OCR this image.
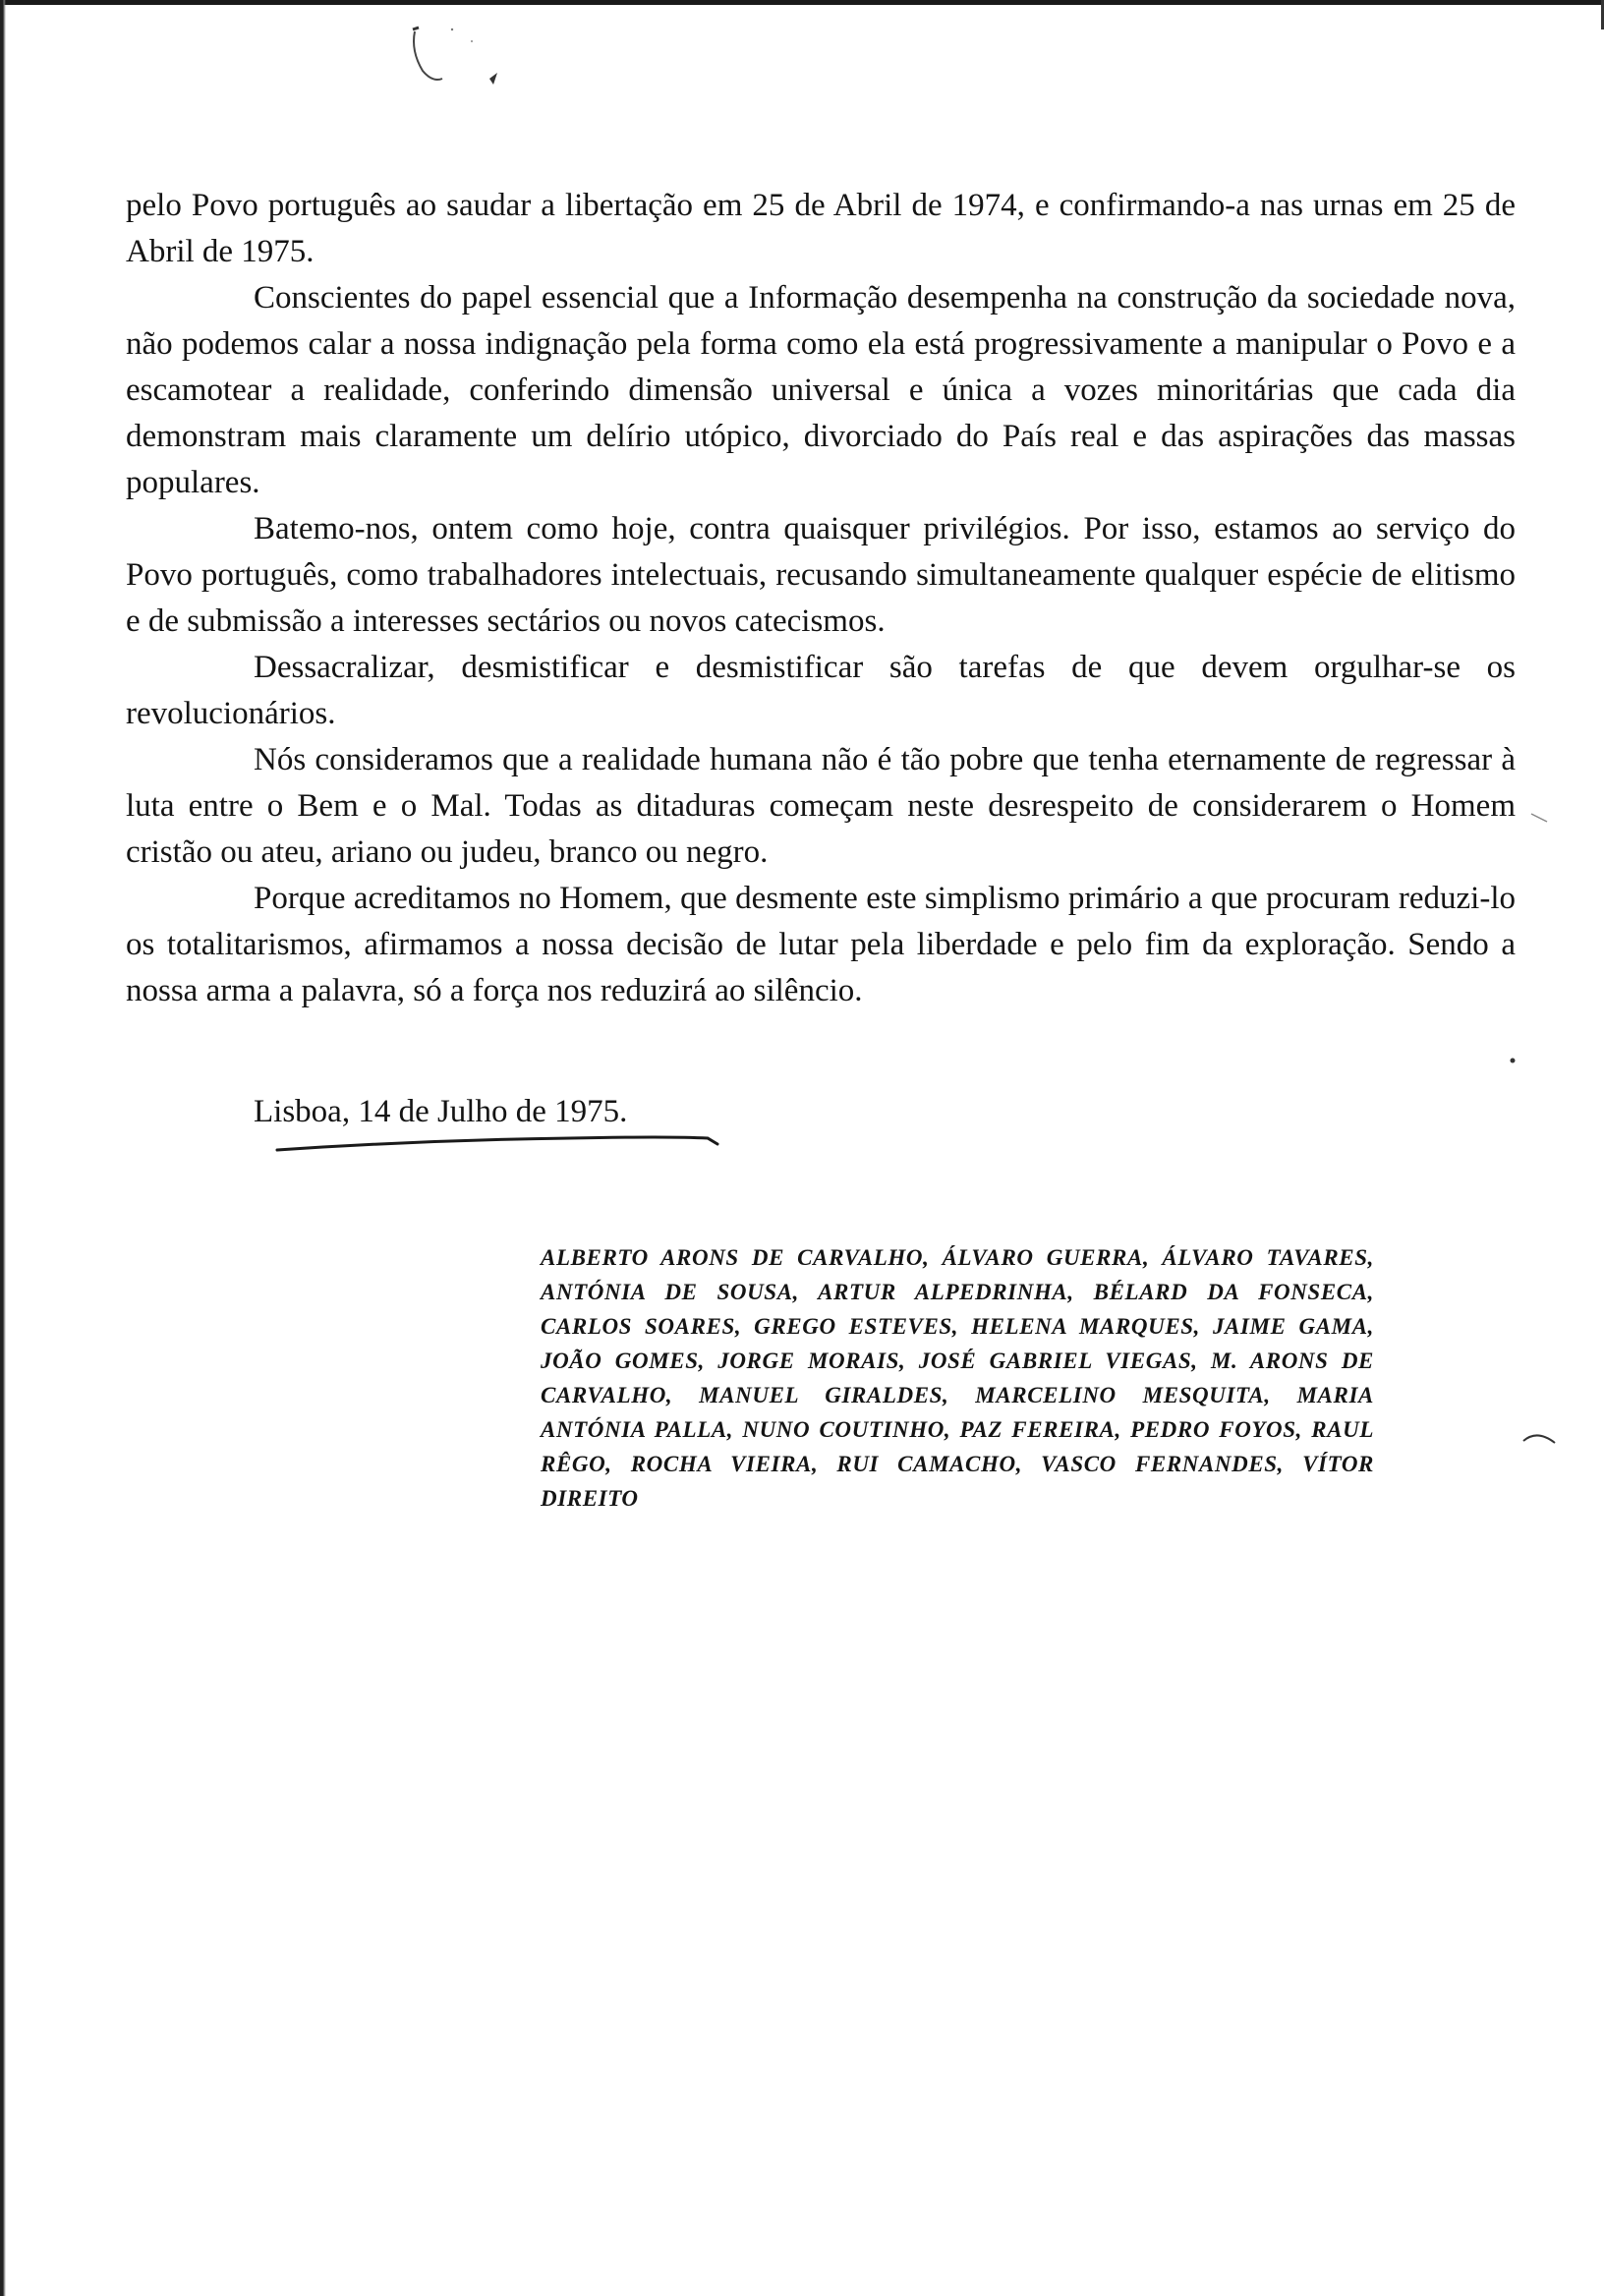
pelo Povo português ao saudar a libertação em 25 de Abril de 1974, e confirmando-a nas urnas em 25 de Abril de 1975.

Conscientes do papel essencial que a Informação desempenha na construção da sociedade nova, não podemos calar a nossa indignação pela forma como ela está progressivamente a manipular o Povo e a escamotear a realidade, conferindo dimensão universal e única a vozes minoritárias que cada dia demonstram mais claramente um delírio utópico, divorciado do País real e das aspirações das massas populares.

Batemo-nos, ontem como hoje, contra quaisquer privilégios. Por isso, estamos ao serviço do Povo português, como trabalhadores intelectuais, recusando simultaneamente qualquer espécie de elitismo e de submissão a interesses sectários ou novos catecismos.

Dessacralizar, desmistificar e desmistificar são tarefas de que devem orgulhar-se os revolucionários.

Nós consideramos que a realidade humana não é tão pobre que tenha eternamente de regressar à luta entre o Bem e o Mal. Todas as ditaduras começam neste desrespeito de considerarem o Homem cristão ou ateu, ariano ou judeu, branco ou negro.

Porque acreditamos no Homem, que desmente este simplismo primário a que procuram reduzi-lo os totalitarismos, afirmamos a nossa decisão de lutar pela liberdade e pelo fim da exploração. Sendo a nossa arma a palavra, só a força nos reduzirá ao silêncio.

Lisboa, 14 de Julho de 1975.
ALBERTO ARONS DE CARVALHO, ÁLVARO GUERRA, ÁLVARO TAVARES, ANTÓNIA DE SOUSA, ARTUR ALPEDRINHA, BÉLARD DA FONSECA, CARLOS SOARES, GREGO ESTEVES, HELENA MARQUES, JAIME GAMA, JOÃO GOMES, JORGE MORAIS, JOSÉ GABRIEL VIEGAS, M. ARONS DE CARVALHO, MANUEL GIRALDES, MARCELINO MESQUITA, MARIA ANTÓNIA PALLA, NUNO COUTINHO, PAZ FEREIRA, PEDRO FOYOS, RAUL RÊGO, ROCHA VIEIRA, RUI CAMACHO, VASCO FERNANDES, VÍTOR DIREITO
